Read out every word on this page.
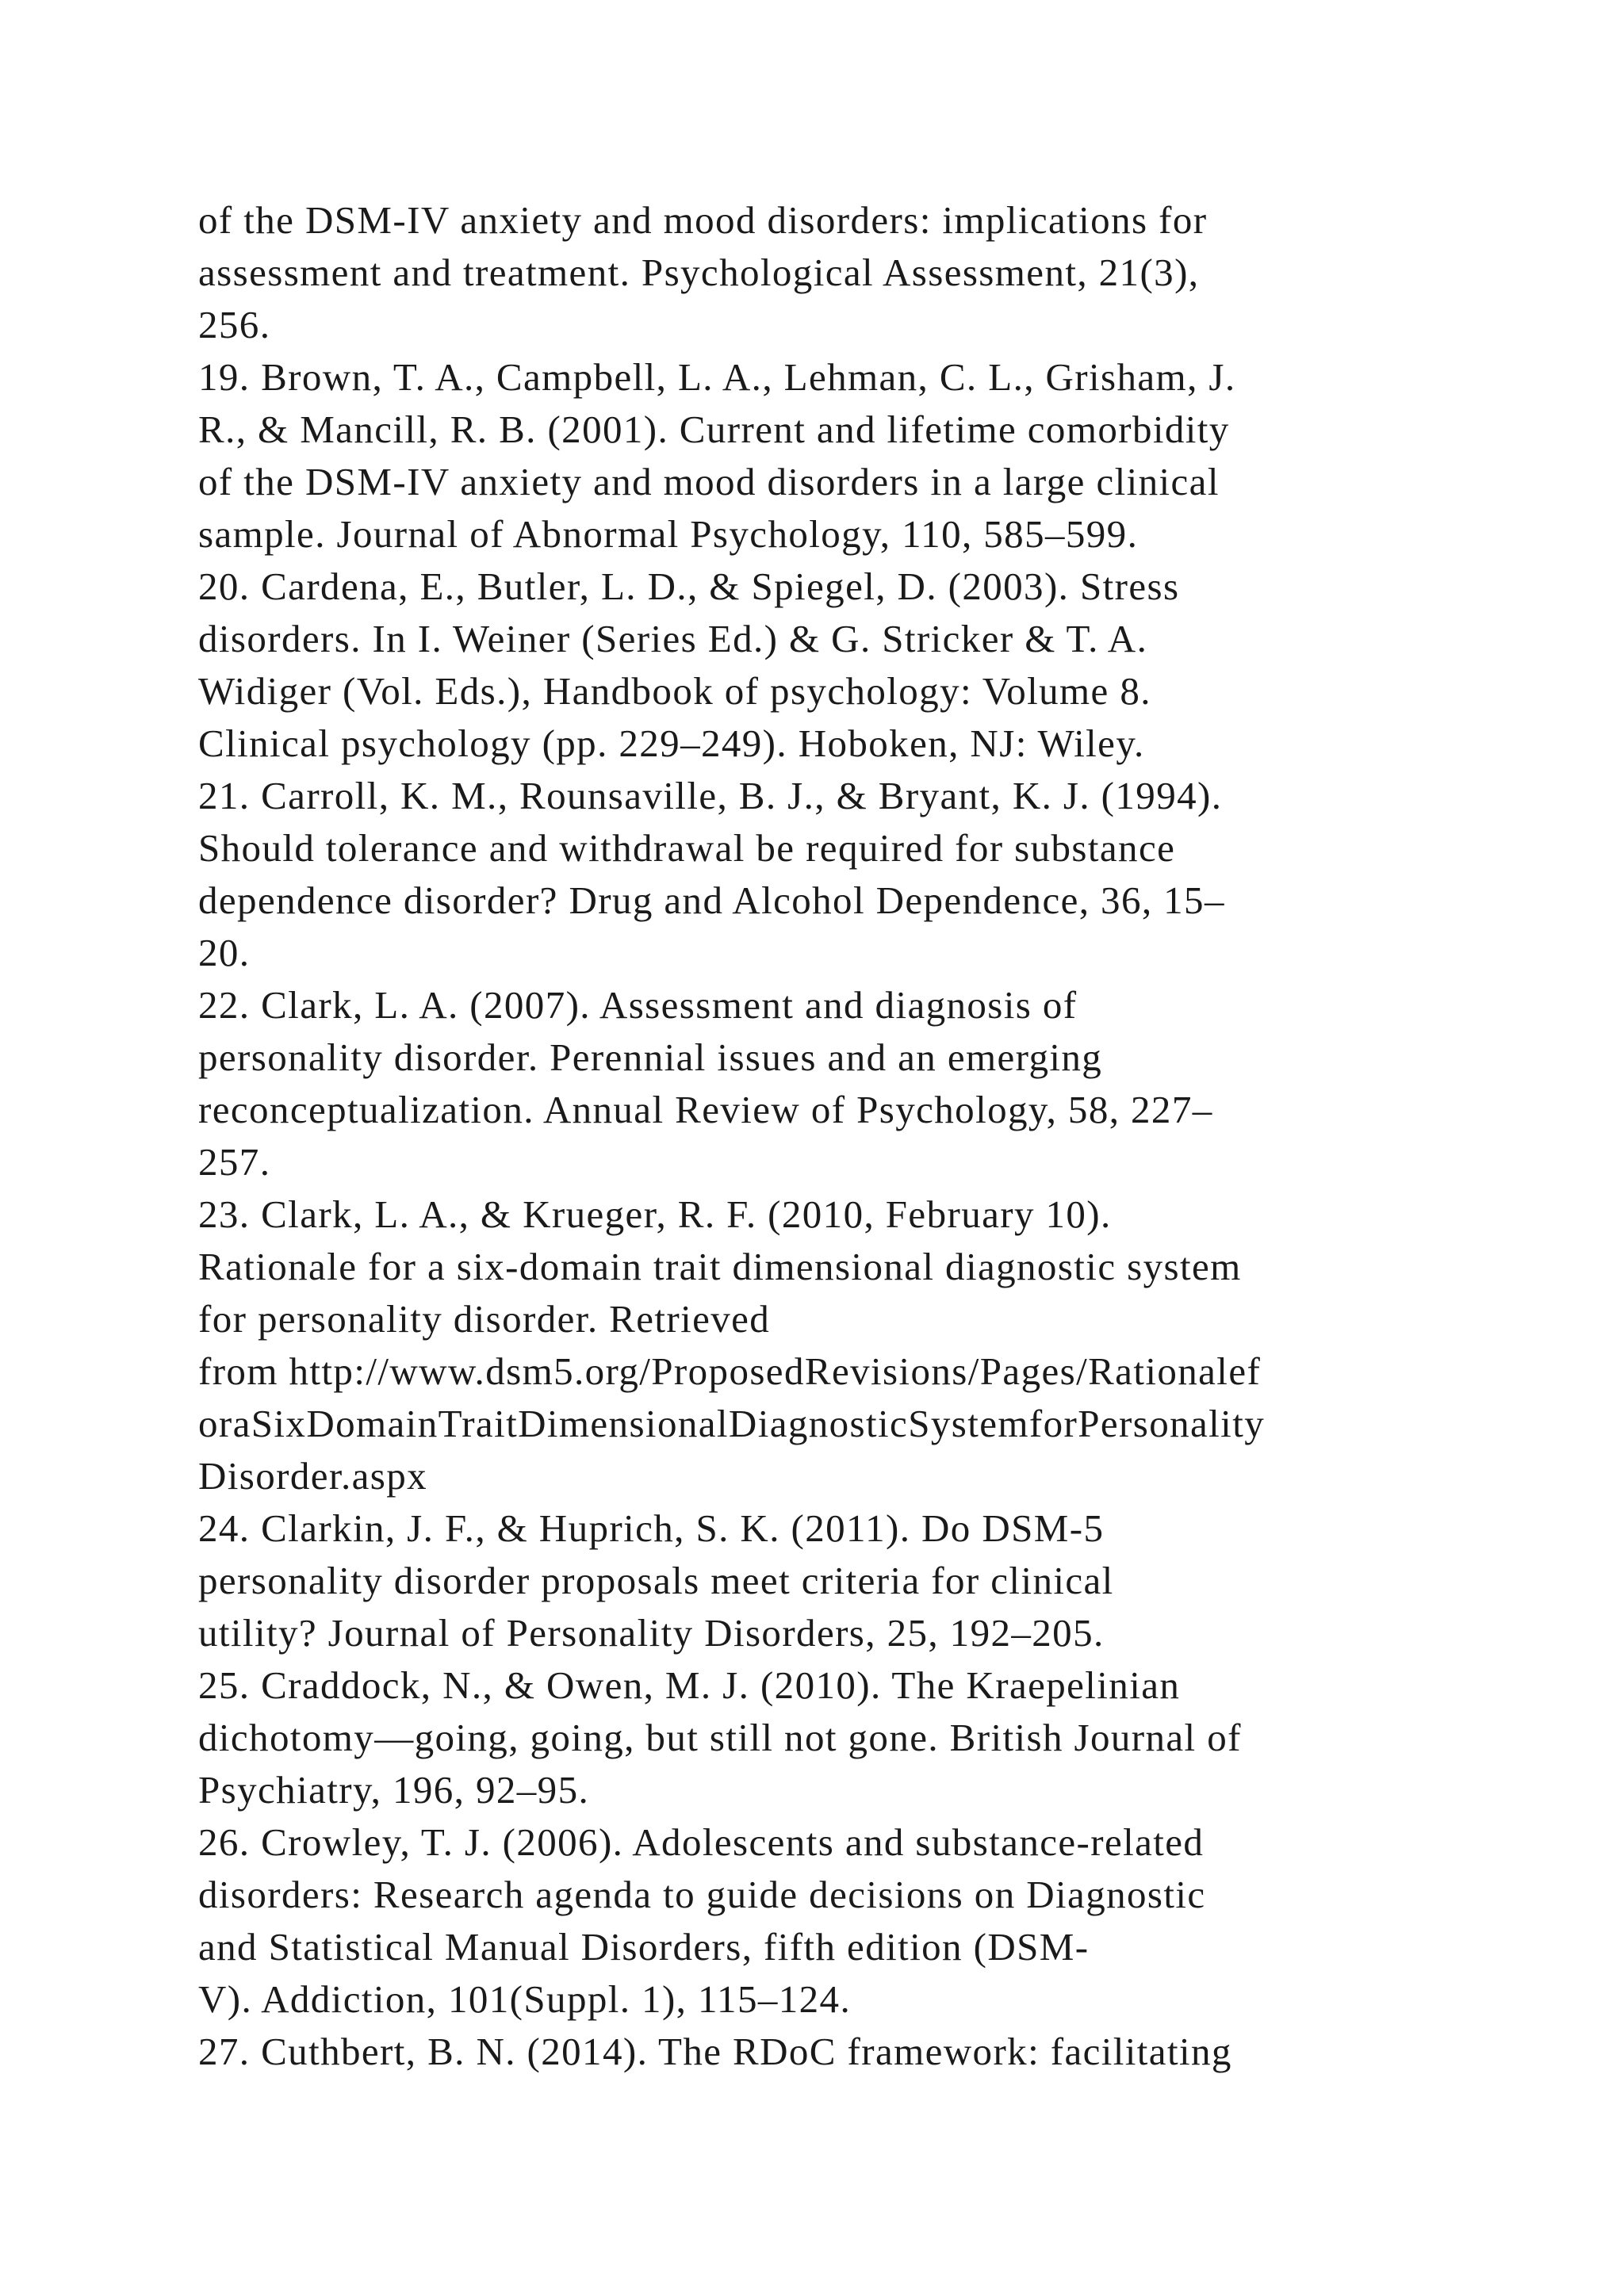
of the DSM-IV anxiety and mood disorders: implications for
assessment and treatment. Psychological Assessment, 21(3),
256.
19. Brown, T. A., Campbell, L. A., Lehman, C. L., Grisham, J.
R., & Mancill, R. B. (2001). Current and lifetime comorbidity
of the DSM-IV anxiety and mood disorders in a large clinical
sample. Journal of Abnormal Psychology, 110, 585–599.
20. Cardena, E., Butler, L. D., & Spiegel, D. (2003). Stress
disorders. In I. Weiner (Series Ed.) & G. Stricker & T. A.
Widiger (Vol. Eds.), Handbook of psychology: Volume 8.
Clinical psychology (pp. 229–249). Hoboken, NJ: Wiley.
21. Carroll, K. M., Rounsaville, B. J., & Bryant, K. J. (1994).
Should tolerance and withdrawal be required for substance
dependence disorder? Drug and Alcohol Dependence, 36, 15–
20.
22. Clark, L. A. (2007). Assessment and diagnosis of
personality disorder. Perennial issues and an emerging
reconceptualization. Annual Review of Psychology, 58, 227–
257.
23. Clark, L. A., & Krueger, R. F. (2010, February 10).
Rationale for a six-domain trait dimensional diagnostic system
for personality disorder. Retrieved
from http://www.dsm5.org/ProposedRevisions/Pages/Rationalef
oraSixDomainTraitDimensionalDiagnosticSystemforPersonality
Disorder.aspx
24. Clarkin, J. F., & Huprich, S. K. (2011). Do DSM-5
personality disorder proposals meet criteria for clinical
utility? Journal of Personality Disorders, 25, 192–205.
25. Craddock, N., & Owen, M. J. (2010). The Kraepelinian
dichotomy—going, going, but still not gone. British Journal of
Psychiatry, 196, 92–95.
26. Crowley, T. J. (2006). Adolescents and substance-related
disorders: Research agenda to guide decisions on Diagnostic
and Statistical Manual Disorders, fifth edition (DSM-
V). Addiction, 101(Suppl. 1), 115–124.
27. Cuthbert, B. N. (2014). The RDoC framework: facilitating
